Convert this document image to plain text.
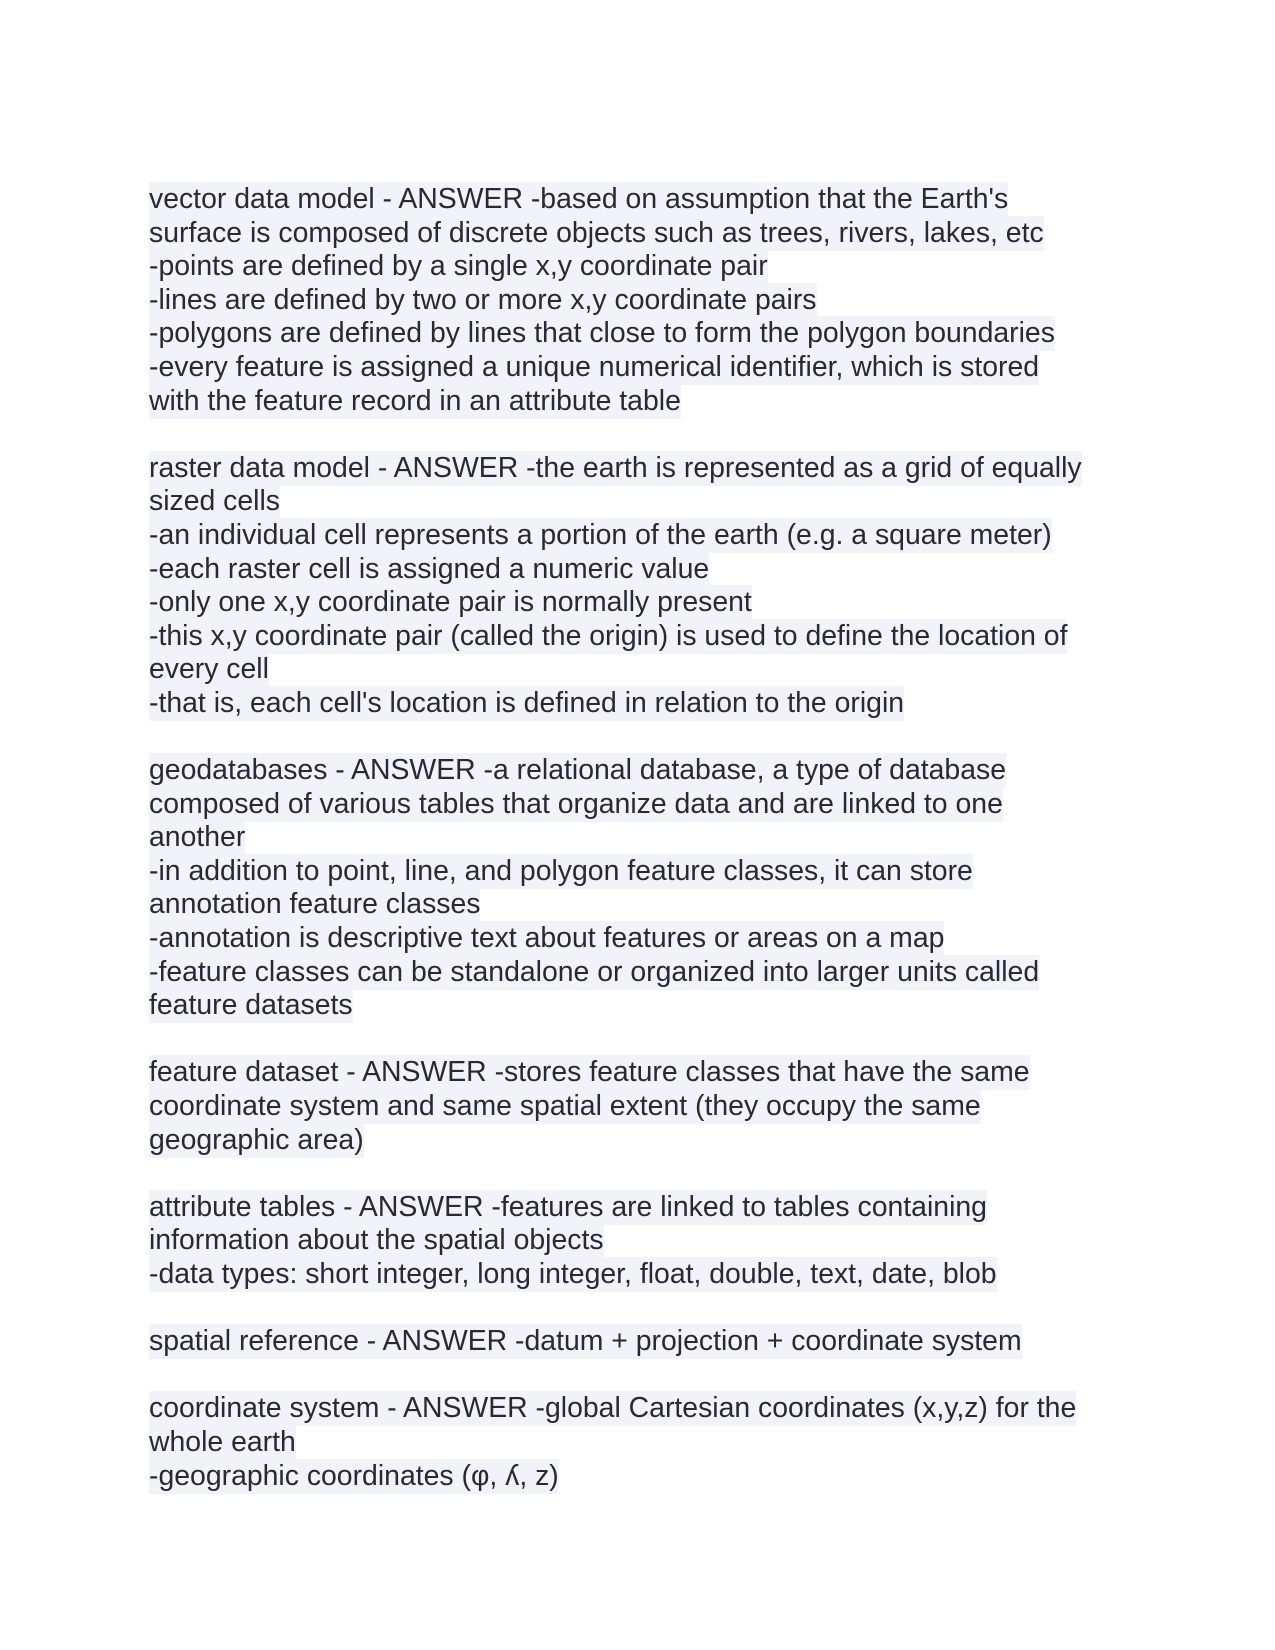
vector data model - ANSWER -based on assumption that the Earth's
surface is composed of discrete objects such as trees, rivers, lakes, etc
-points are defined by a single x,y coordinate pair
-lines are defined by two or more x,y coordinate pairs
-polygons are defined by lines that close to form the polygon boundaries
-every feature is assigned a unique numerical identifier, which is stored
with the feature record in an attribute table
raster data model - ANSWER -the earth is represented as a grid of equally
sized cells
-an individual cell represents a portion of the earth (e.g. a square meter)
-each raster cell is assigned a numeric value
-only one x,y coordinate pair is normally present
-this x,y coordinate pair (called the origin) is used to define the location of
every cell
-that is, each cell's location is defined in relation to the origin
geodatabases - ANSWER -a relational database, a type of database
composed of various tables that organize data and are linked to one
another
-in addition to point, line, and polygon feature classes, it can store
annotation feature classes
-annotation is descriptive text about features or areas on a map
-feature classes can be standalone or organized into larger units called
feature datasets
feature dataset - ANSWER -stores feature classes that have the same
coordinate system and same spatial extent (they occupy the same
geographic area)
attribute tables - ANSWER -features are linked to tables containing
information about the spatial objects
-data types: short integer, long integer, float, double, text, date, blob
spatial reference - ANSWER -datum + projection + coordinate system
coordinate system - ANSWER -global Cartesian coordinates (x,y,z) for the
whole earth
-geographic coordinates (φ, ʎ, z)
